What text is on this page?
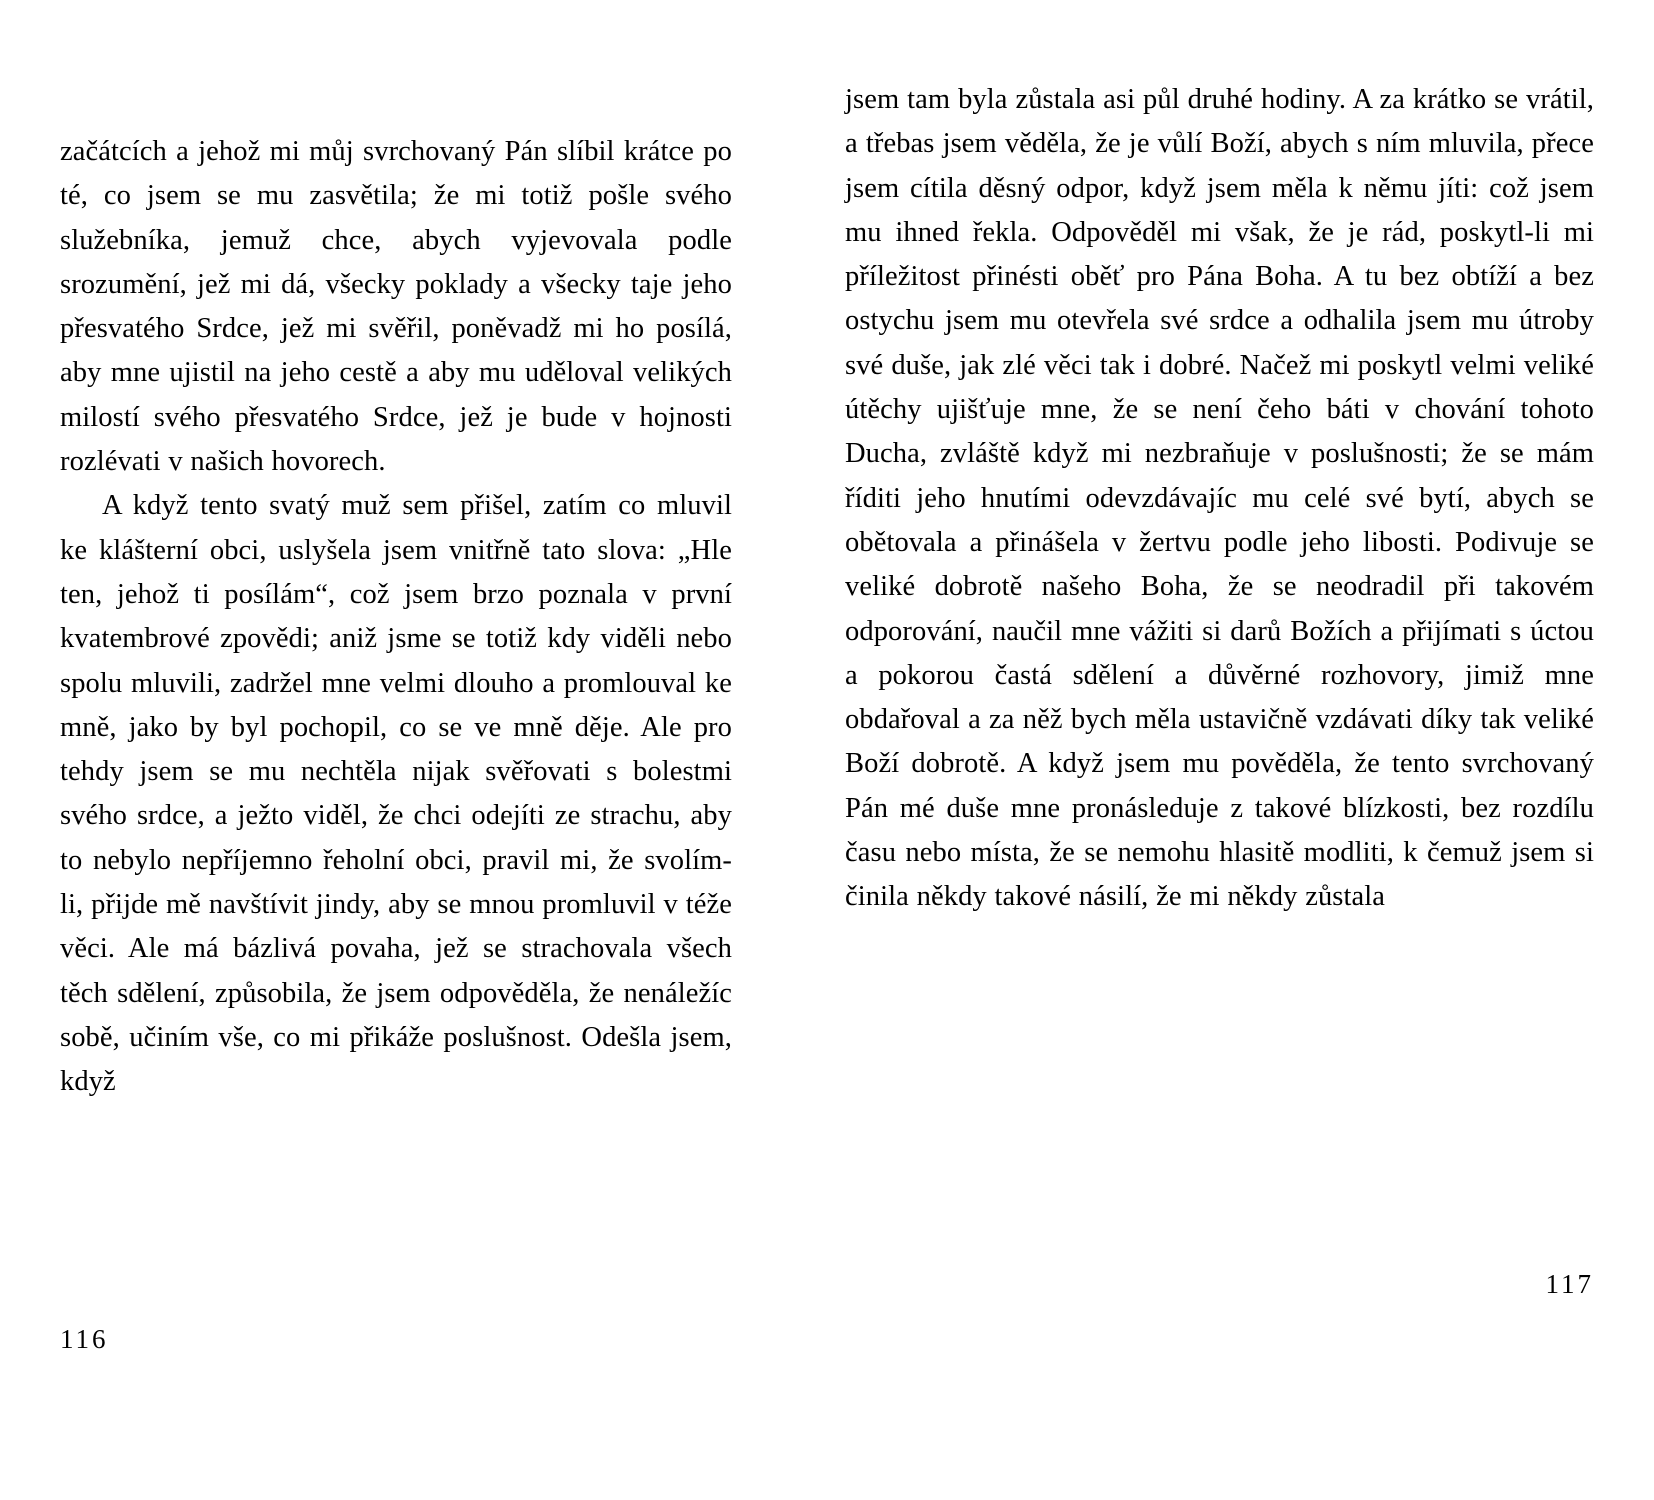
začátcích a jehož mi můj svrchovaný Pán slíbil krátce po té, co jsem se mu zasvětila; že mi totiž pošle svého služebníka, jemuž chce, abych vyjevovala podle srozumění, jež mi dá, všecky poklady a všecky taje jeho přesvatého Srdce, jež mi svěřil, poněvadž mi ho posílá, aby mne ujistil na jeho cestě a aby mu uděloval velikých milostí svého přesvatého Srdce, jež je bude v hojnosti rozlévati v našich hovorech.

A když tento svatý muž sem přišel, zatím co mluvil ke klášterní obci, uslyšela jsem vnitřně tato slova: „Hle ten, jehož ti posílám“, což jsem brzo poznala v první kvatembrové zpovědi; aniž jsme se totiž kdy viděli nebo spolu mluvili, zadržel mne velmi dlouho a promlouval ke mně, jako by byl pochopil, co se ve mně děje. Ale pro tehdy jsem se mu nechtěla nijak svěřovati s bolestmi svého srdce, a ježto viděl, že chci odejíti ze strachu, aby to nebylo nepříjemno řeholní obci, pravil mi, že svolím-li, přijde mě navštívit jindy, aby se mnou promluvil v téže věci. Ale má bázlivá povaha, jež se strachovala všech těch sdělení, způsobila, že jsem odpověděla, že nenáležíc sobě, učiním vše, co mi přikáže poslušnost. Odešla jsem, když

116

jsem tam byla zůstala asi půl druhé hodiny. A za krátko se vrátil, a třebas jsem věděla, že je vůlí Boží, abych s ním mluvila, přece jsem cítila děsný odpor, když jsem měla k němu jíti: což jsem mu ihned řekla. Odpověděl mi však, že je rád, poskytl-li mi příležitost přinésti oběť pro Pána Boha. A tu bez obtíží a bez ostychu jsem mu otevřela své srdce a odhalila jsem mu útroby své duše, jak zlé věci tak i dobré. Načež mi poskytl velmi veliké útěchy ujišťuje mne, že se není čeho báti v chování tohoto Ducha, zvláště když mi nezbraňuje v poslušnosti; že se mám říditi jeho hnutími odevzdávajíc mu celé své bytí, abych se obětovala a přinášela v žertvu podle jeho libosti. Podivuje se veliké dobrotě našeho Boha, že se neodradil při takovém odporování, naučil mne vážiti si darů Božích a přijímati s úctou a pokorou častá sdělení a důvěrné rozhovory, jimiž mne obdařoval a za něž bych měla ustavičně vzdávati díky tak veliké Boží dobrotě. A když jsem mu pověděla, že tento svrchovaný Pán mé duše mne pronásleduje z takové blízkosti, bez rozdílu času nebo místa, že se nemohu hlasitě modliti, k čemuž jsem si činila někdy takové násilí, že mi někdy zůstala

117
